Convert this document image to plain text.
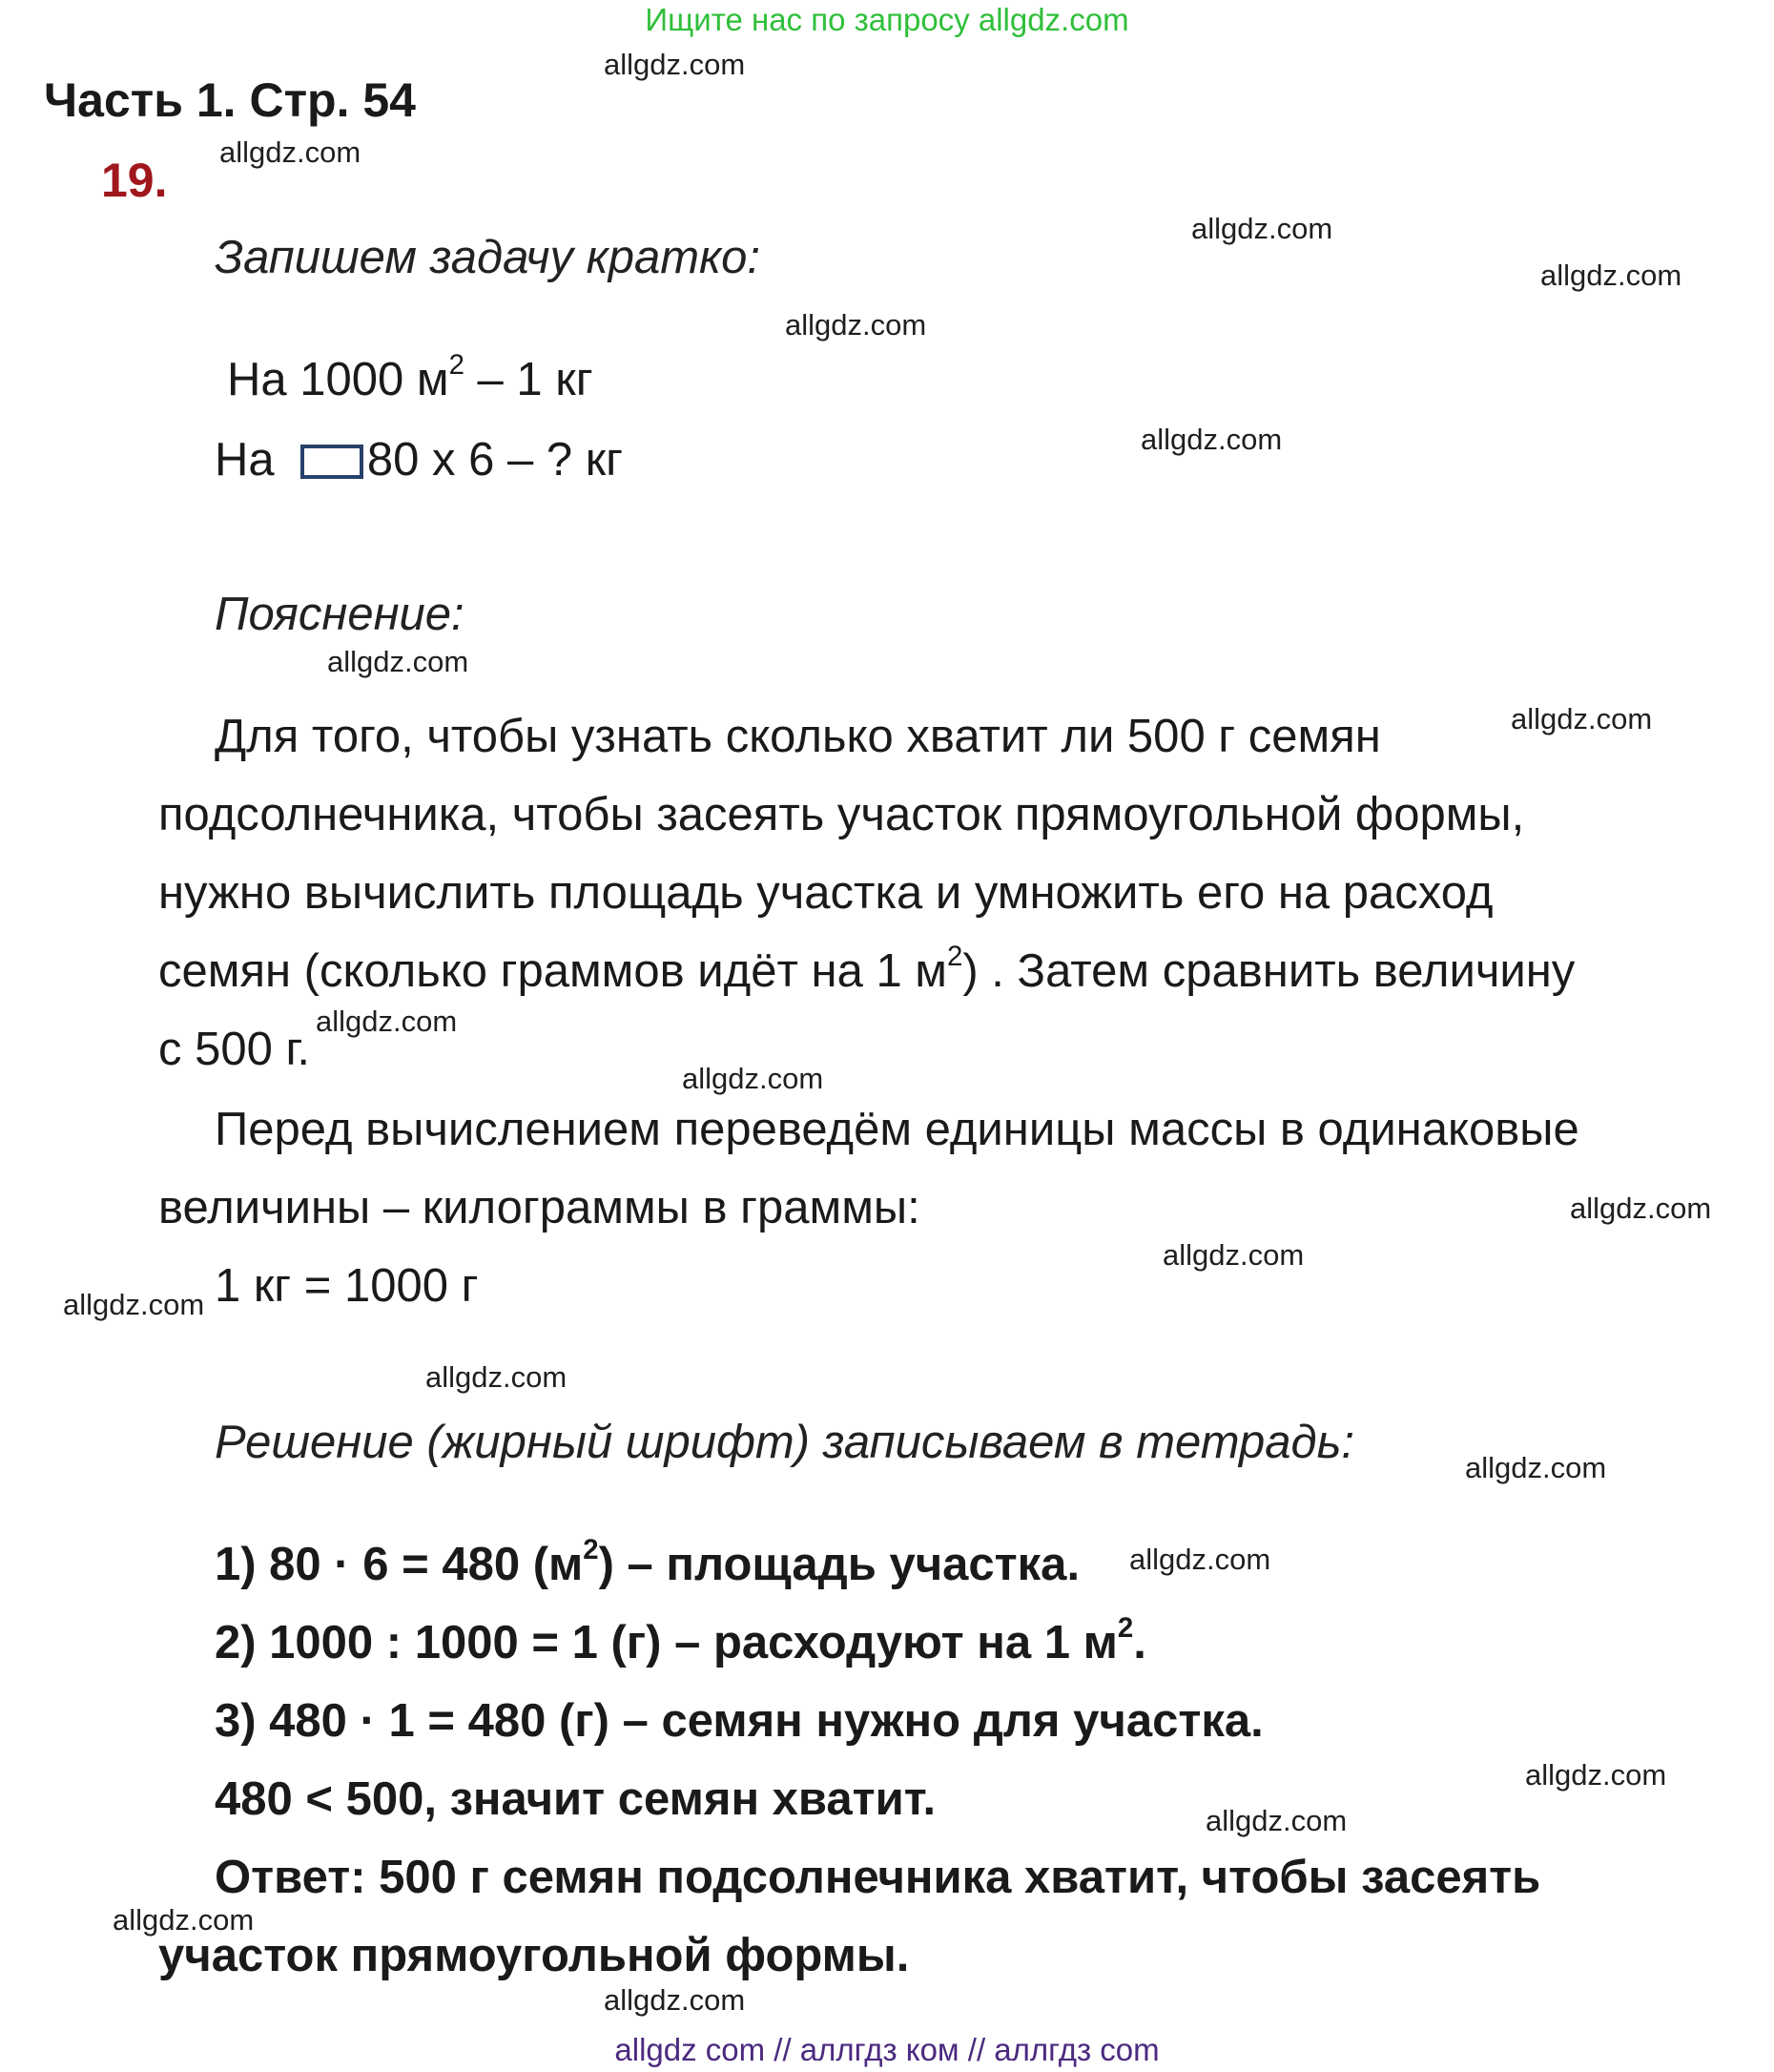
Ищите нас по запросу allgdz.com
Часть 1. Стр. 54
19.
allgdz.com
allgdz.com
allgdz.com
allgdz.com
allgdz.com
allgdz.com
allgdz.com
allgdz.com
allgdz.com
allgdz.com
allgdz.com
allgdz.com
allgdz.com
allgdz.com
allgdz.com
allgdz.com
allgdz.com
allgdz.com
allgdz.com
allgdz.com
Запишем задачу кратко:
На 1000 $м^2 - 1$ кг
На 80 х 6 – ? кг
Пояснение:
Для того, чтобы узнать сколько хватит ли 500 г семян
подсолнечника, чтобы засеять участок прямоугольной формы,
нужно вычислить площадь участка и умножить его на расход
семян (сколько граммов идёт на 1 $м^2$) . Затем сравнить величину
с 500 г.
Перед вычислением переведём единицы массы в одинаковые
величины – килограммы в граммы:
1 кг = 1000 г
Решение (жирный шрифт) записываем в тетрадь:
1) 80 · 6 = 480 $(м^2)$ – площадь участка.
2) 1000 : 1000 = 1 (г) – расходуют на 1 $м^2$.
3) 480 · 1 = 480 (г) – семян нужно для участка.
480 < 500, значит семян хватит.
Ответ: 500 г семян подсолнечника хватит, чтобы засеять
участок прямоугольной формы.
allgdz com // аллгдз ком // аллгдз com
